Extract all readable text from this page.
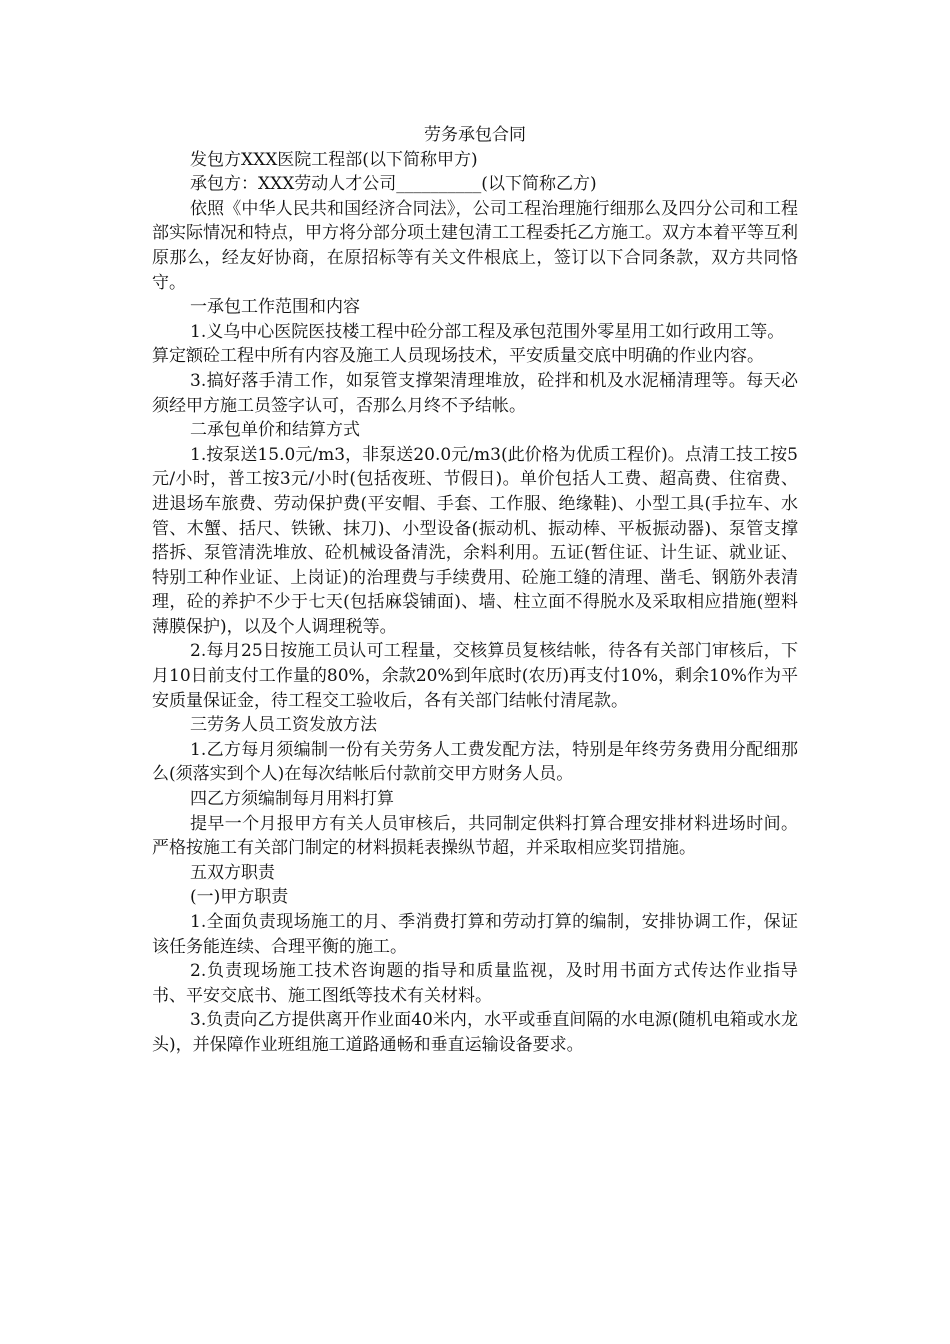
劳务承包合同

发包方XXX医院工程部(以下简称甲方)

承包方：XXX劳动人才公司__________(以下简称乙方)

依照《中华人民共和国经济合同法》，公司工程治理施行细那么及四分公司和工程部实际情况和特点，甲方将分部分项土建包清工工程委托乙方施工。双方本着平等互利原那么，经友好协商，在原招标等有关文件根底上，签订以下合同条款，双方共同恪守。

一承包工作范围和内容

1.义乌中心医院医技楼工程中砼分部工程及承包范围外零星用工如行政用工等。

算定额砼工程中所有内容及施工人员现场技术，平安质量交底中明确的作业内容。

3.搞好落手清工作，如泵管支撑架清理堆放，砼拌和机及水泥桶清理等。每天必须经甲方施工员签字认可，否那么月终不予结帐。

二承包单价和结算方式

1.按泵送15.0元/m3，非泵送20.0元/m3(此价格为优质工程价)。点清工技工按5元/小时，普工按3元/小时(包括夜班、节假日)。单价包括人工费、超高费、住宿费、进退场车旅费、劳动保护费(平安帽、手套、工作服、绝缘鞋)、小型工具(手拉车、水管、木蟹、括尺、铁锹、抹刀)、小型设备(振动机、振动棒、平板振动器)、泵管支撑搭拆、泵管清洗堆放、砼机械设备清洗，余料利用。五证(暂住证、计生证、就业证、特别工种作业证、上岗证)的治理费与手续费用、砼施工缝的清理、凿毛、钢筋外表清理，砼的养护不少于七天(包括麻袋铺面)、墙、柱立面不得脱水及采取相应措施(塑料薄膜保护)，以及个人调理税等。

2.每月25日按施工员认可工程量，交核算员复核结帐，待各有关部门审核后，下月10日前支付工作量的80%，余款20%到年底时(农历)再支付10%，剩余10%作为平安质量保证金，待工程交工验收后，各有关部门结帐付清尾款。

三劳务人员工资发放方法

1.乙方每月须编制一份有关劳务人工费发配方法，特别是年终劳务费用分配细那么(须落实到个人)在每次结帐后付款前交甲方财务人员。

四乙方须编制每月用料打算

提早一个月报甲方有关人员审核后，共同制定供料打算合理安排材料进场时间。严格按施工有关部门制定的材料损耗表操纵节超，并采取相应奖罚措施。

五双方职责

(一)甲方职责

1.全面负责现场施工的月、季消费打算和劳动打算的编制，安排协调工作，保证该任务能连续、合理平衡的施工。

2.负责现场施工技术咨询题的指导和质量监视，及时用书面方式传达作业指导书、平安交底书、施工图纸等技术有关材料。

3.负责向乙方提供离开作业面40米内，水平或垂直间隔的水电源(随机电箱或水龙头)，并保障作业班组施工道路通畅和垂直运输设备要求。
